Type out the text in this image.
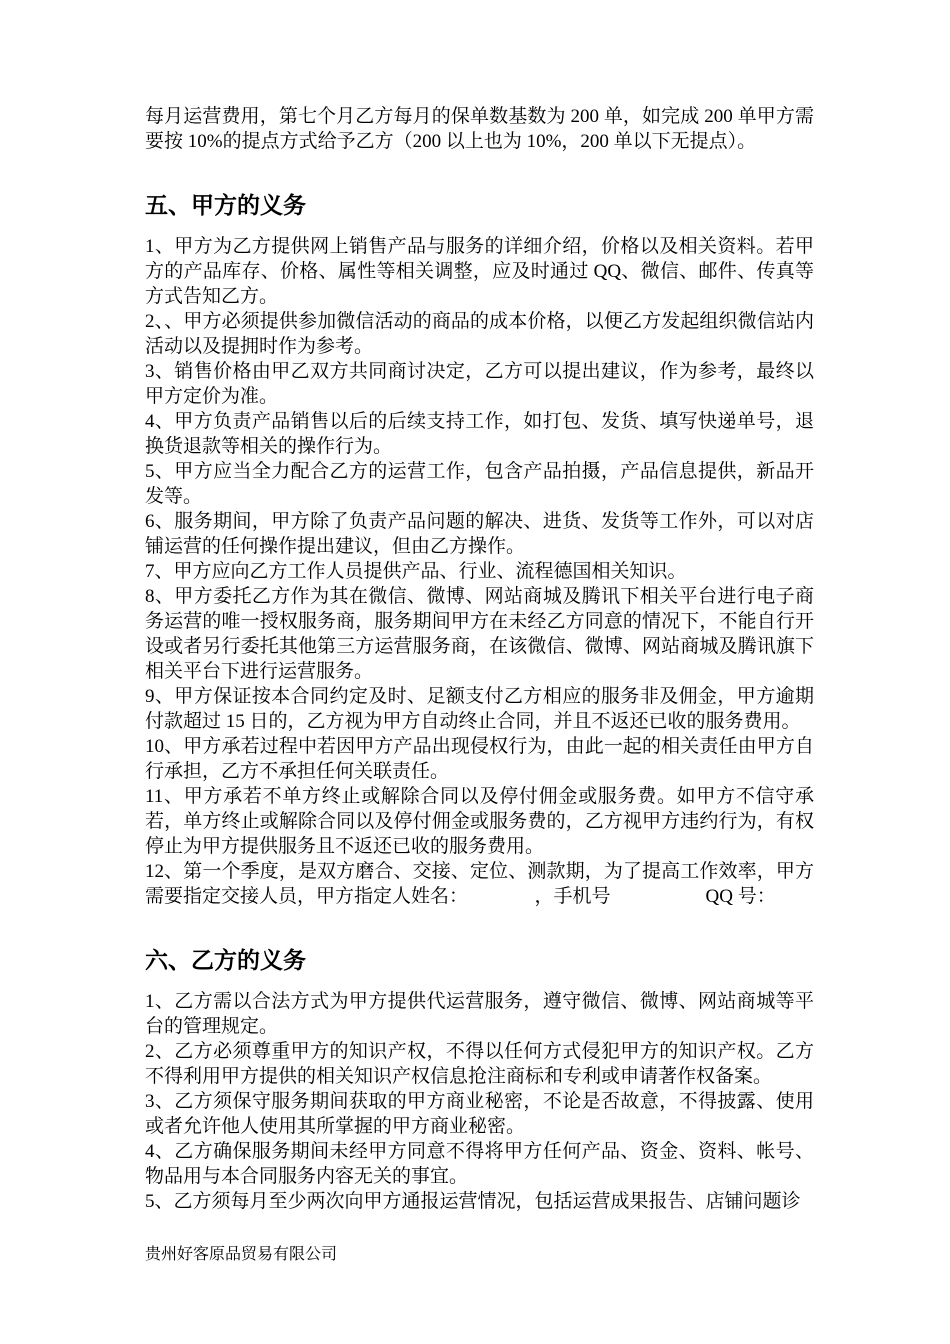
每月运营费用，第七个月乙方每月的保单数基数为 200 单，如完成 200 单甲方需要按 10%的提点方式给予乙方（200 以上也为 10%，200 单以下无提点）。

五、甲方的义务

1、甲方为乙方提供网上销售产品与服务的详细介绍，价格以及相关资料。若甲方的产品库存、价格、属性等相关调整，应及时通过 QQ、微信、邮件、传真等方式告知乙方。

2、、甲方必须提供参加微信活动的商品的成本价格，以便乙方发起组织微信站内活动以及提拥时作为参考。

3、销售价格由甲乙双方共同商讨决定，乙方可以提出建议，作为参考，最终以甲方定价为准。

4、甲方负责产品销售以后的后续支持工作，如打包、发货、填写快递单号，退换货退款等相关的操作行为。

5、甲方应当全力配合乙方的运营工作，包含产品拍摄，产品信息提供，新品开发等。

6、服务期间，甲方除了负责产品问题的解决、进货、发货等工作外，可以对店铺运营的任何操作提出建议，但由乙方操作。

7、甲方应向乙方工作人员提供产品、行业、流程德国相关知识。

8、甲方委托乙方作为其在微信、微博、网站商城及腾讯下相关平台进行电子商务运营的唯一授权服务商，服务期间甲方在未经乙方同意的情况下，不能自行开设或者另行委托其他第三方运营服务商，在该微信、微博、网站商城及腾讯旗下相关平台下进行运营服务。

9、甲方保证按本合同约定及时、足额支付乙方相应的服务非及佣金，甲方逾期付款超过 15 日的，乙方视为甲方自动终止合同，并且不返还已收的服务费用。

10、甲方承若过程中若因甲方产品出现侵权行为，由此一起的相关责任由甲方自行承担，乙方不承担任何关联责任。

11、甲方承若不单方终止或解除合同以及停付佣金或服务费。如甲方不信守承若，单方终止或解除合同以及停付佣金或服务费的，乙方视甲方违约行为，有权停止为甲方提供服务且不返还已收的服务费用。

12、第一个季度，是双方磨合、交接、定位、测款期，为了提高工作效率，甲方需要指定交接人员，甲方指定人姓名：　　　　，手机号　　　　　QQ 号：

六、乙方的义务

1、乙方需以合法方式为甲方提供代运营服务，遵守微信、微博、网站商城等平台的管理规定。

2、乙方必须尊重甲方的知识产权，不得以任何方式侵犯甲方的知识产权。乙方不得利用甲方提供的相关知识产权信息抢注商标和专利或申请著作权备案。

3、乙方须保守服务期间获取的甲方商业秘密，不论是否故意，不得披露、使用或者允许他人使用其所掌握的甲方商业秘密。

4、乙方确保服务期间未经甲方同意不得将甲方任何产品、资金、资料、帐号、物品用与本合同服务内容无关的事宜。

5、乙方须每月至少两次向甲方通报运营情况，包括运营成果报告、店铺问题诊

贵州好客原品贸易有限公司
